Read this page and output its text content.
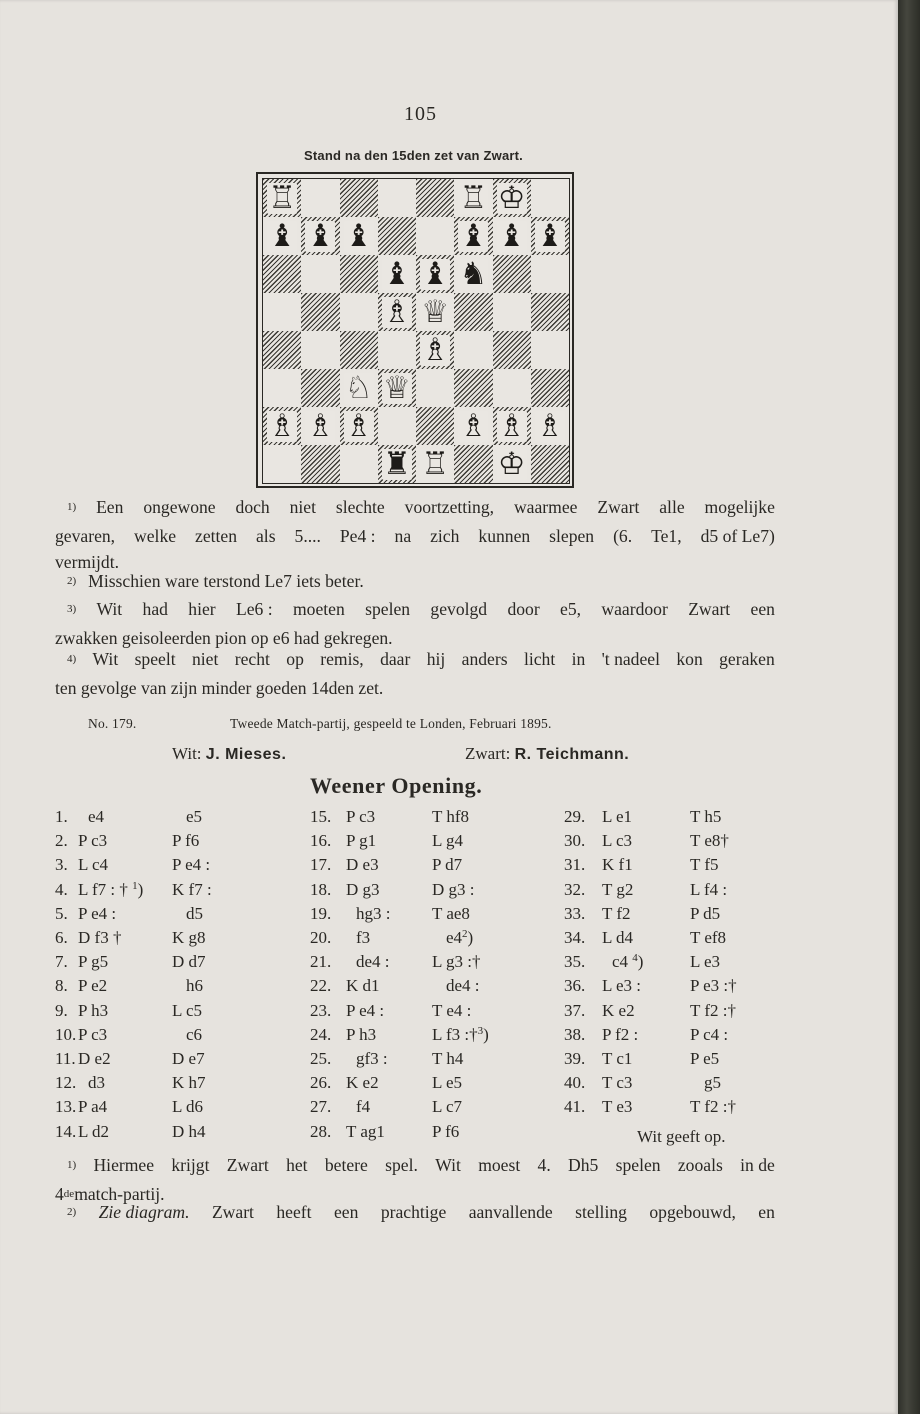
105
Stand na den 15den zet van Zwart.
♖	♖ ♔
♝ ♝ ♝	♝ ♝ ♝
♝ ♝ ♞
♗ ♕
♗
♘ ♕
♗ ♗ ♗	♗ ♗ ♗
♜ ♖ ♔
$^{1)}$ Een ongewone doch niet slechte voortzetting, waarmee Zwart alle mogelijke
gevaren, welke zetten als 5.... Pe4 : na zich kunnen slepen (6. Te1, d5 of Le7)
vermijdt.
$^{2)}$ Misschien ware terstond Le7 iets beter.
$^{3)}$ Wit had hier Le6 : moeten spelen gevolgd door e5, waardoor Zwart een
zwakken geisoleerden pion op e6 had gekregen.
$^{4)}$ Wit speelt niet recht op remis, daar hij anders licht in 't nadeel kon geraken
ten gevolge van zijn minder goeden 14den zet.
No. 179.	Tweede Match-partij, gespeeld te Londen, Februari 1895.
Wit: J. Mieses.	Zwart: R. Teichmann.
Weener Opening.
1. e4	e5
2. P c3	P f6
3. L c4	P e4 :
4. L f7 : † $^1$) K f7 :
5. P e4 :	d5
6. D f3 †	K g8
7. P g5	D d7
8. P e2	h6
9. P h3	L c5
10. P c3	c6
11. D e2	D e7
12. d3	K h7
13. P a4	L d6
14. L d2	D h4
15. P c3	T hf8
16. P g1	L g4
17. D e3	P d7
18. D g3	D g3 :
19. hg3 : T ae8
20. f3	e4$^2$)
21. de4 : L g3 :†
22. K d1	de4 :
23. P e4 :	T e4 :
24. P h3	L f3 :†$^3$)
25. gf3 :	T h4
26. K e2	L e5
27. f4	L c7
28. T ag1	P f6
29. L e1	T h5
30. L c3	T e8†
31. K f1	T f5
32. T g2	L f4 :
33. T f2	P d5
34. L d4	T ef8
35. c4 $^4$)	L e3
36. L e3 :	P e3 :†
37. K e2	T f2 :†
38. P f2 :	P c4 :
39. T c1	P e5
40. T c3	g5
41. T e3	T f2 :†
Wit geeft op.
$^{1)}$ Hiermee krijgt Zwart het betere spel. Wit moest 4. Dh5 spelen zooals in de
4 de match-partij.
$^{2)}$ Zie diagram. Zwart heeft een prachtige aanvallende stelling opgebouwd, en
